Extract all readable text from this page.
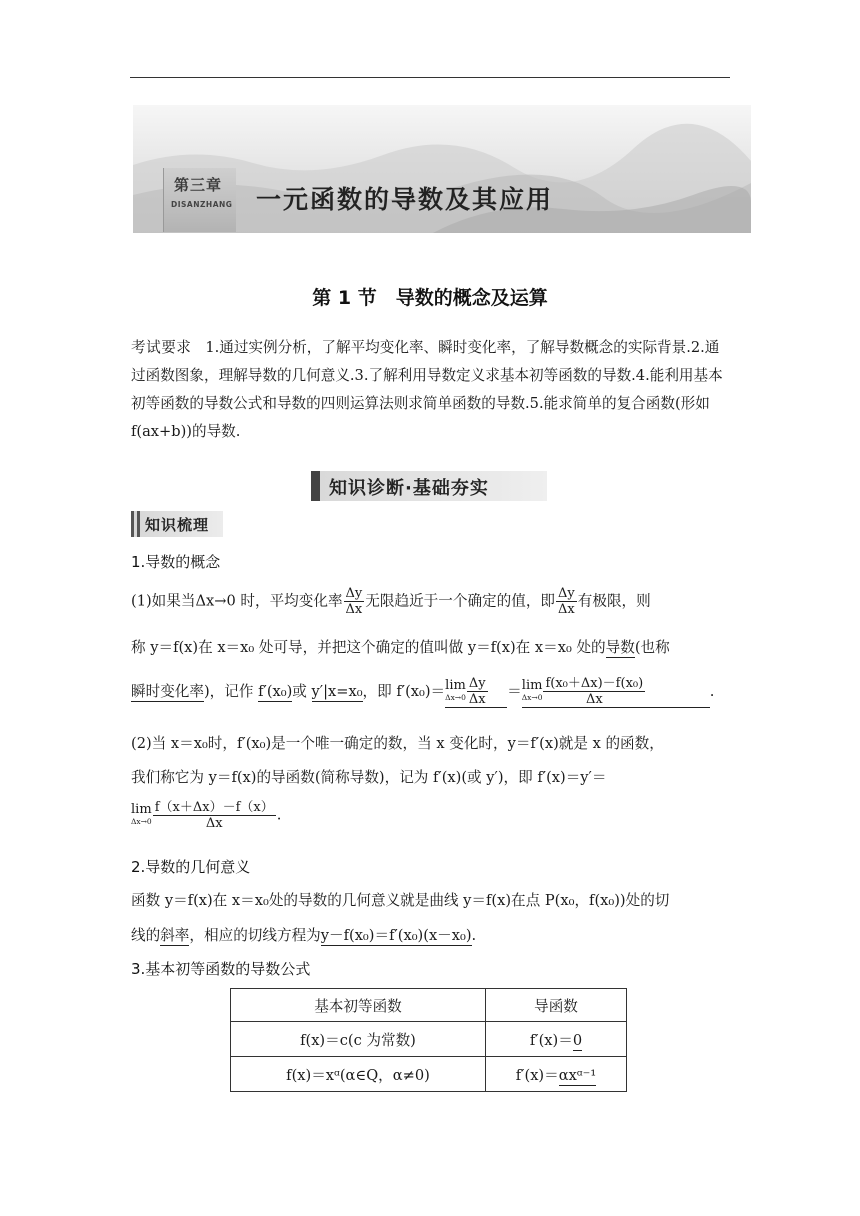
第三章
DISANZHANG 一元函数的导数及其应用
第 1 节　导数的概念及运算

考试要求 1.通过实例分析，了解平均变化率、瞬时变化率，了解导数概念的实际背景.2.通过函数图象，理解导数的几何意义.3.了解利用导数定义求基本初等函数的导数.4.能利用基本初等函数的导数公式和导数的四则运算法则求简单函数的导数.5.能求简单的复合函数(形如 f(ax+b))的导数.

知识诊断·基础夯实
知识梳理
1.导数的概念
(1)如果当Δx→0 时，平均变化率 $\frac{\Delta y}{\Delta x}$ 无限趋近于一个确定的值，即 $\frac{\Delta y}{\Delta x}$ 有极限，则
称 y＝f(x)在 x＝x₀ 处可导，并把这个确定的值叫做 y＝f(x)在 x＝x₀ 处的导数(也称
瞬时变化率)，记作 f′(x₀)或 y′|x=x₀，即 f′(x₀)＝ lim
$\Delta x\to 0 \frac{\Delta y}{\Delta x} = \lim$
$\Delta x\to 0 \frac{\text{f(x₀＋Δx)－f(x₀)}}{\Delta x}$	.
(2)当 x＝x₀时，f′(x₀)是一个唯一确定的数，当 x 变化时，y＝f′(x)就是 x 的函数，
我们称它为 y＝f(x)的导函数(简称导数)，记为 f′(x)(或 y′)，即 f′(x)＝y′＝
lim
$\Delta x\to 0 \frac{f(x+\Delta x)-f(x)}{\Delta x}$ .
2.导数的几何意义
函数 y＝f(x)在 x＝x₀处的导数的几何意义就是曲线 y＝f(x)在点 P(x₀，f(x₀))处的切
线的斜率，相应的切线方程为y－f(x₀)＝f′(x₀)(x－x₀).
3.基本初等函数的导数公式
基本初等函数	导函数
f(x)＝c(c 为常数)	f′(x)＝0
f(x)＝xᵅ(α∈Q，α≠0)	f′(x)＝αxᵅ⁻¹
